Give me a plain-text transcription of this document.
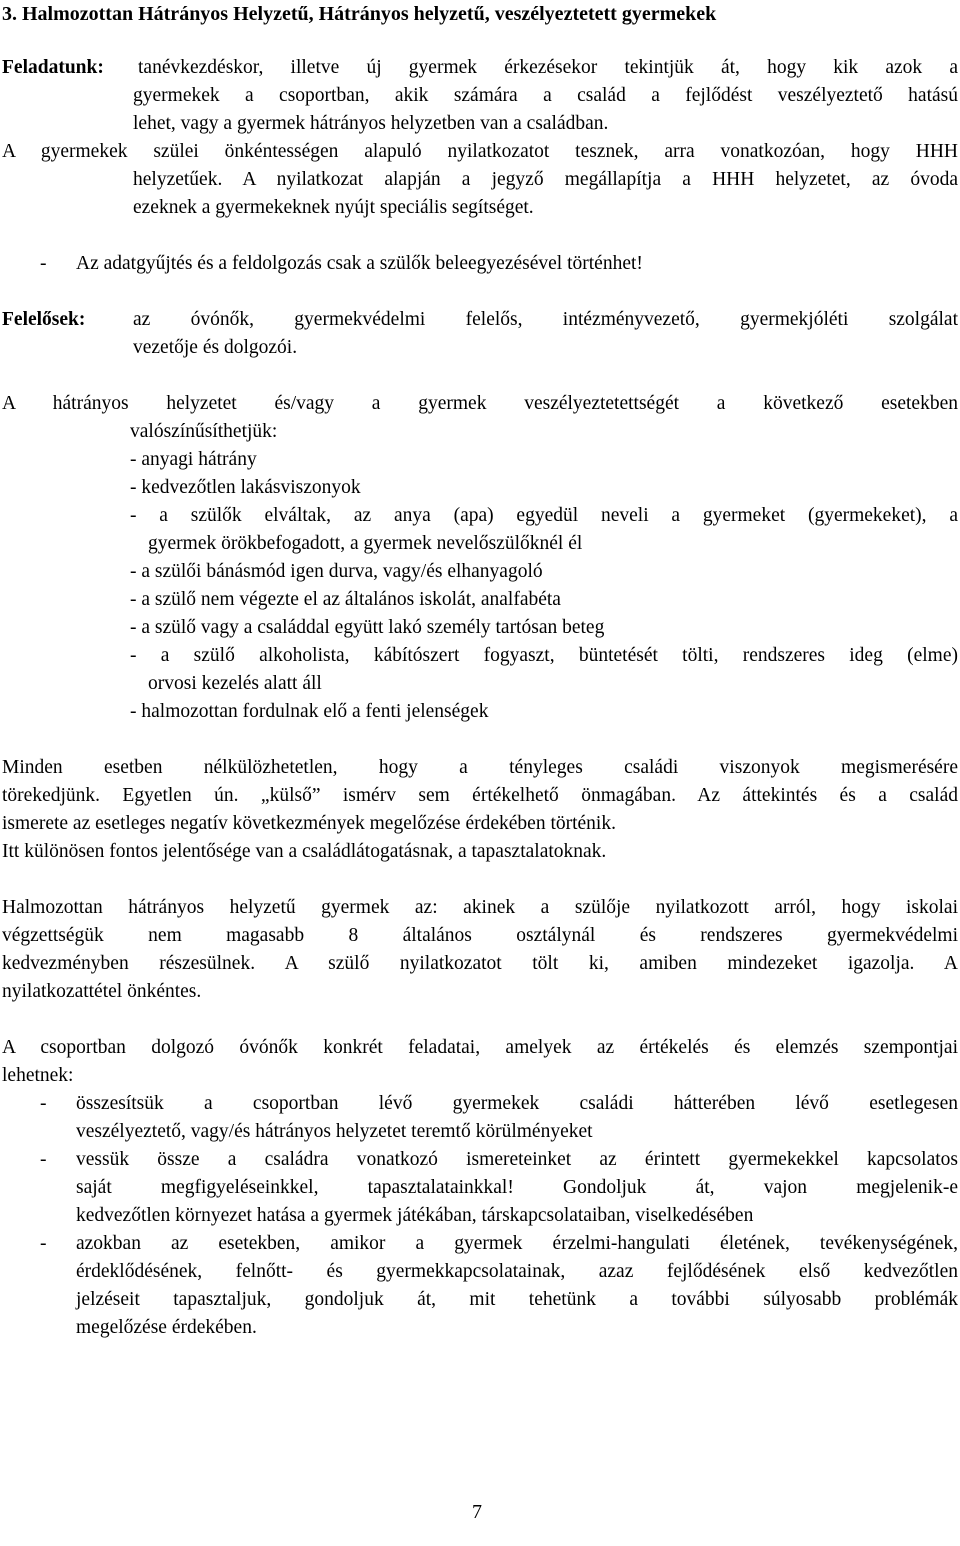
3. Halmozottan Hátrányos Helyzetű, Hátrányos helyzetű, veszélyeztetett gyermekek
Feladatunk: tanévkezdéskor, illetve új gyermek érkezésekor tekintjük át, hogy kik azok a
gyermekek a csoportban, akik számára a család a fejlődést veszélyeztető hatású
lehet, vagy a gyermek hátrányos helyzetben van a családban.
A gyermekek szülei önkéntességen alapuló nyilatkozatot tesznek, arra vonatkozóan, hogy HHH
helyzetűek. A nyilatkozat alapján a jegyző megállapítja a HHH helyzetet, az óvoda
ezeknek a gyermekeknek nyújt speciális segítséget.
- Az adatgyűjtés és a feldolgozás csak a szülők beleegyezésével történhet!
Felelősek: az óvónők, gyermekvédelmi felelős, intézményvezető, gyermekjóléti szolgálat
vezetője és dolgozói.
A hátrányos helyzetet és/vagy a gyermek veszélyeztetettségét a következő esetekben
valószínűsíthetjük:
- anyagi hátrány
- kedvezőtlen lakásviszonyok
- a szülők elváltak, az anya (apa) egyedül neveli a gyermeket (gyermekeket), a
gyermek örökbefogadott, a gyermek nevelőszülőknél él
- a szülői bánásmód igen durva, vagy/és elhanyagoló
- a szülő nem végezte el az általános iskolát, analfabéta
- a szülő vagy a családdal együtt lakó személy tartósan beteg
- a szülő alkoholista, kábítószert fogyaszt, büntetését tölti, rendszeres ideg (elme)
orvosi kezelés alatt áll
- halmozottan fordulnak elő a fenti jelenségek
Minden esetben nélkülözhetetlen, hogy a tényleges családi viszonyok megismerésére
törekedjünk. Egyetlen ún. „külső” ismérv sem értékelhető önmagában. Az áttekintés és a család
ismerete az esetleges negatív következmények megelőzése érdekében történik.
Itt különösen fontos jelentősége van a családlátogatásnak, a tapasztalatoknak.
Halmozottan hátrányos helyzetű gyermek az: akinek a szülője nyilatkozott arról, hogy iskolai
végzettségük nem magasabb 8 általános osztálynál és rendszeres gyermekvédelmi
kedvezményben részesülnek. A szülő nyilatkozatot tölt ki, amiben mindezeket igazolja. A
nyilatkozattétel önkéntes.
A csoportban dolgozó óvónők konkrét feladatai, amelyek az értékelés és elemzés szempontjai
lehetnek:
- összesítsük a csoportban lévő gyermekek családi hátterében lévő esetlegesen
veszélyeztető, vagy/és hátrányos helyzetet teremtő körülményeket
- vessük össze a családra vonatkozó ismereteinket az érintett gyermekekkel kapcsolatos
saját megfigyeléseinkkel, tapasztalatainkkal! Gondoljuk át, vajon megjelenik-e
kedvezőtlen környezet hatása a gyermek játékában, társkapcsolataiban, viselkedésében
- azokban az esetekben, amikor a gyermek érzelmi-hangulati életének, tevékenységének,
érdeklődésének, felnőtt- és gyermekkapcsolatainak, azaz fejlődésének első kedvezőtlen
jelzéseit tapasztaljuk, gondoljuk át, mit tehetünk a további súlyosabb problémák
megelőzése érdekében.
7
